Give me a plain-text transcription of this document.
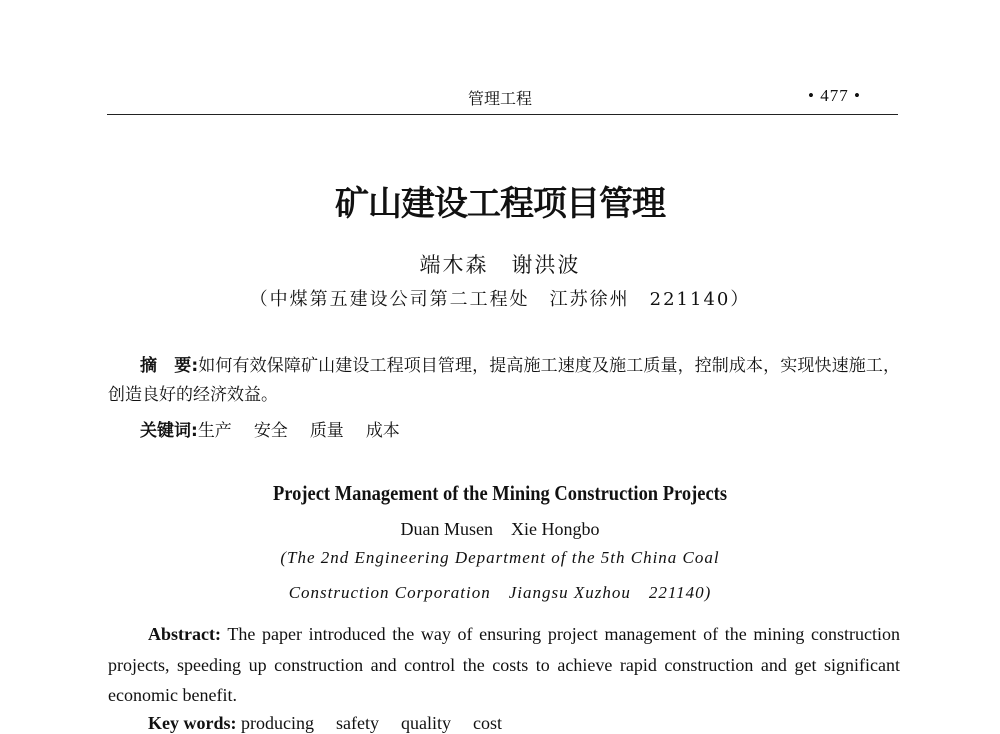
管理工程	• 477 •
矿山建设工程项目管理
端木森　谢洪波
（中煤第五建设公司第二工程处　江苏徐州　221140）
摘　要:如何有效保障矿山建设工程项目管理，提高施工速度及施工质量，控制成本，实现快速施工，创造良好的经济效益。
关键词:生产 安全 质量 成本
Project Management of the Mining Construction Projects
Duan Musen　Xie Hongbo
(The 2nd Engineering Department of the 5th China Coal
Construction Corporation　Jiangsu Xuzhou　221140)
Abstract: The paper introduced the way of ensuring project management of the mining construction projects, speeding up construction and control the costs to achieve rapid construction and get significant economic benefit.
Key words: producing safety quality cost
